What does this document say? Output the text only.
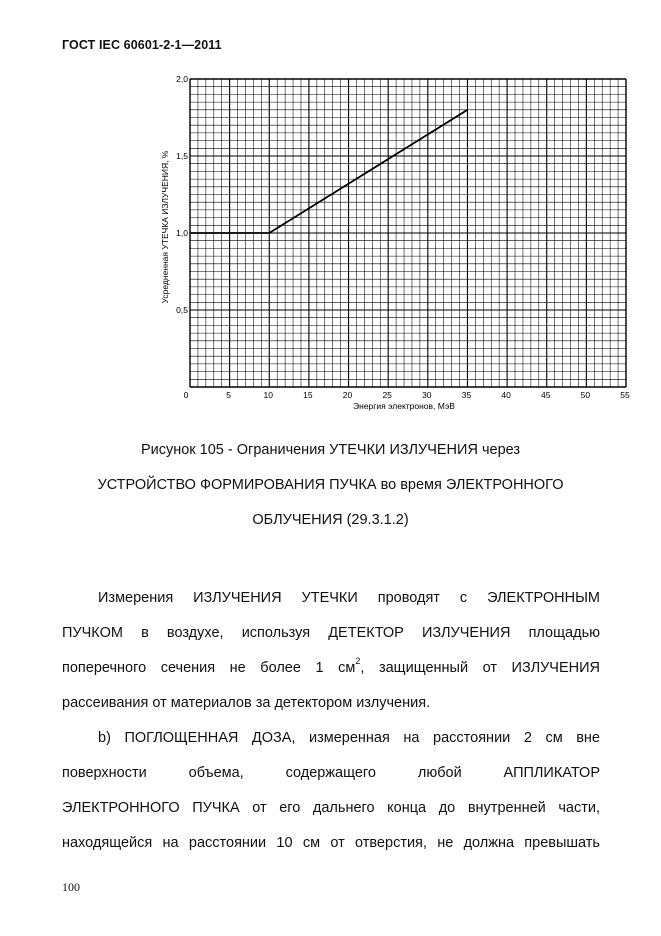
ГОСТ IEC 60601-2-1—2011
0	5	10	15	20	25	30	35	40	45	50	55
0,5
1,0
1,5
2,0
Энергия электронов, МэВ
Усредненная УТЕЧКА ИЗЛУЧЕНИЯ, %
Рисунок 105 - Ограничения УТЕЧКИ ИЗЛУЧЕНИЯ через
УСТРОЙСТВО ФОРМИРОВАНИЯ ПУЧКА во время ЭЛЕКТРОННОГО
ОБЛУЧЕНИЯ (29.3.1.2)
Измерения ИЗЛУЧЕНИЯ УТЕЧКИ проводят с ЭЛЕКТРОННЫМ
ПУЧКОМ в воздухе, используя ДЕТЕКТОР ИЗЛУЧЕНИЯ площадью
поперечного сечения не более 1 $см^2$, защищенный от ИЗЛУЧЕНИЯ
рассеивания от материалов за детектором излучения.
b) ПОГЛОЩЕННАЯ ДОЗА, измеренная на расстоянии 2 см вне
поверхности объема, содержащего любой АППЛИКАТОР
ЭЛЕКТРОННОГО ПУЧКА от его дальнего конца до внутренней части,
находящейся на расстоянии 10 см от отверстия, не должна превышать
100
